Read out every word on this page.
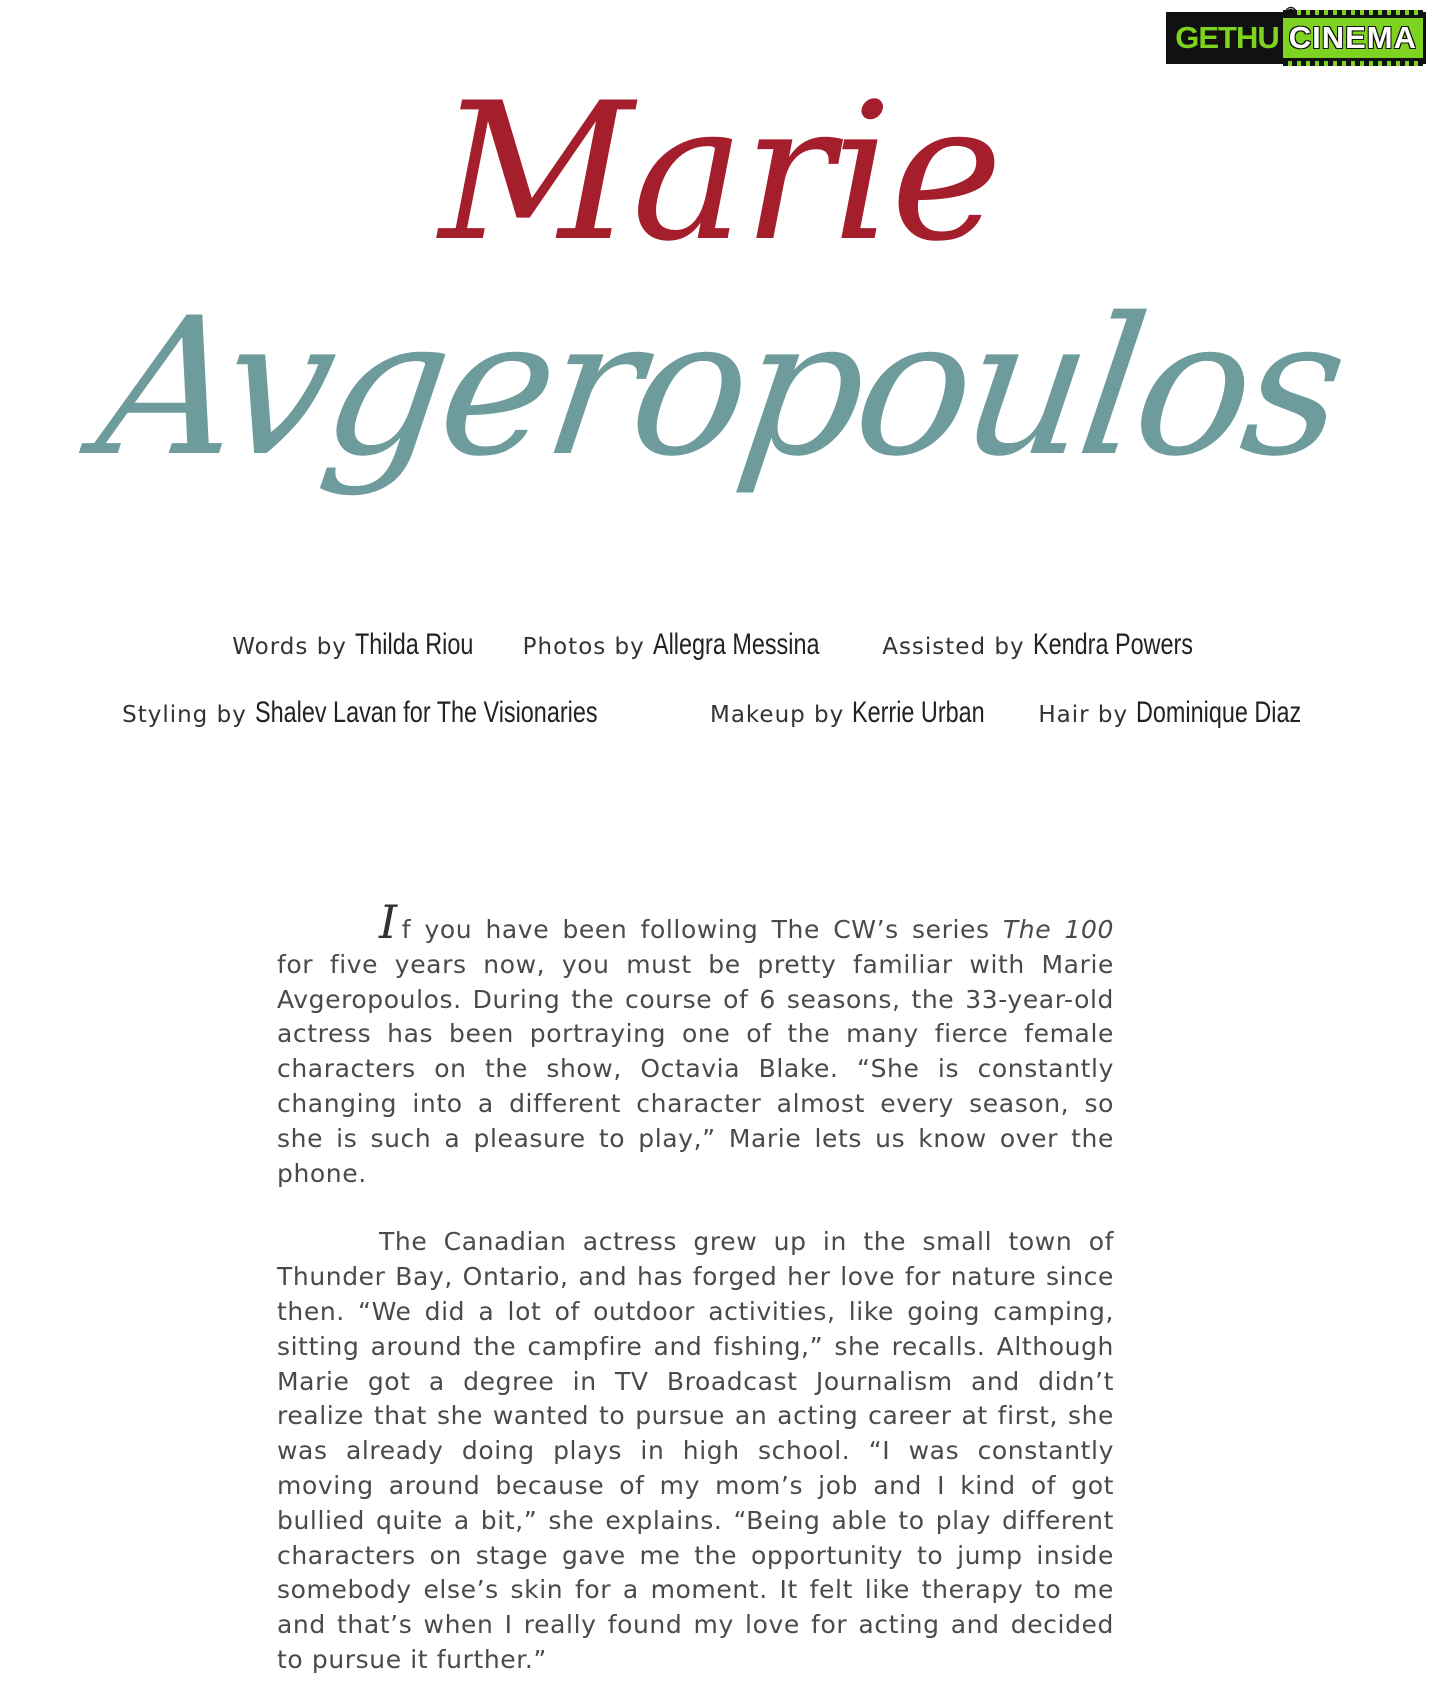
GETHU
◉
CINEMA
Marie
Avgeropoulos
Words by Thilda Riou Photos by Allegra Messina	Assisted by Kendra Powers
Styling by Shalev Lavan for The Visionaries	Makeup by Kerrie Urban Hair by Dominique Diaz

If you have been following The CW’s series The 100 for five years now, you must be pretty familiar with Marie Avgeropoulos. During the course of 6 seasons, the 33-year-old actress has been portraying one of the many fierce female characters on the show, Octavia Blake. “She is constantly changing into a different character almost every season, so she is such a pleasure to play,” Marie lets us know over the phone.

The Canadian actress grew up in the small town of Thunder Bay, Ontario, and has forged her love for nature since then. “We did a lot of outdoor activities, like going camping, sitting around the campfire and fishing,” she recalls. Although Marie got a degree in TV Broadcast Journalism and didn’t realize that she wanted to pursue an acting career at first, she was already doing plays in high school. “I was constantly moving around because of my mom’s job and I kind of got bullied quite a bit,” she explains. “Being able to play different characters on stage gave me the opportunity to jump inside somebody else’s skin for a moment. It felt like therapy to me and that’s when I really found my love for acting and decided to pursue it further.”
